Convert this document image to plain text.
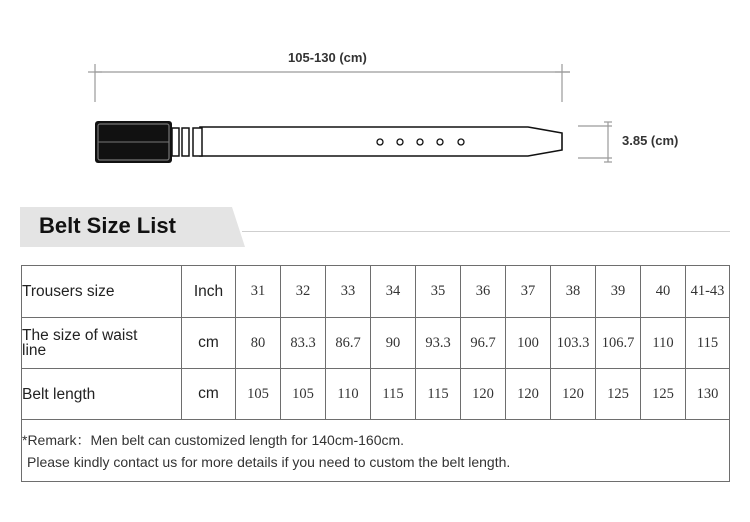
105-130 (cm)
3.85 (cm)
Belt Size List
Trousers size	Inch	31	32	33	34	35	36	37	38	39	40	41-43
The size of waist line	cm	80	83.3	86.7	90	93.3	96.7	100	103.3	106.7	110	115
Belt length	cm	105	105	110	115	115	120	120	120	125	125	130

*Remark：Men belt can customized length for 140cm-160cm.
Please kindly contact us for more details if you need to custom the belt length.												
